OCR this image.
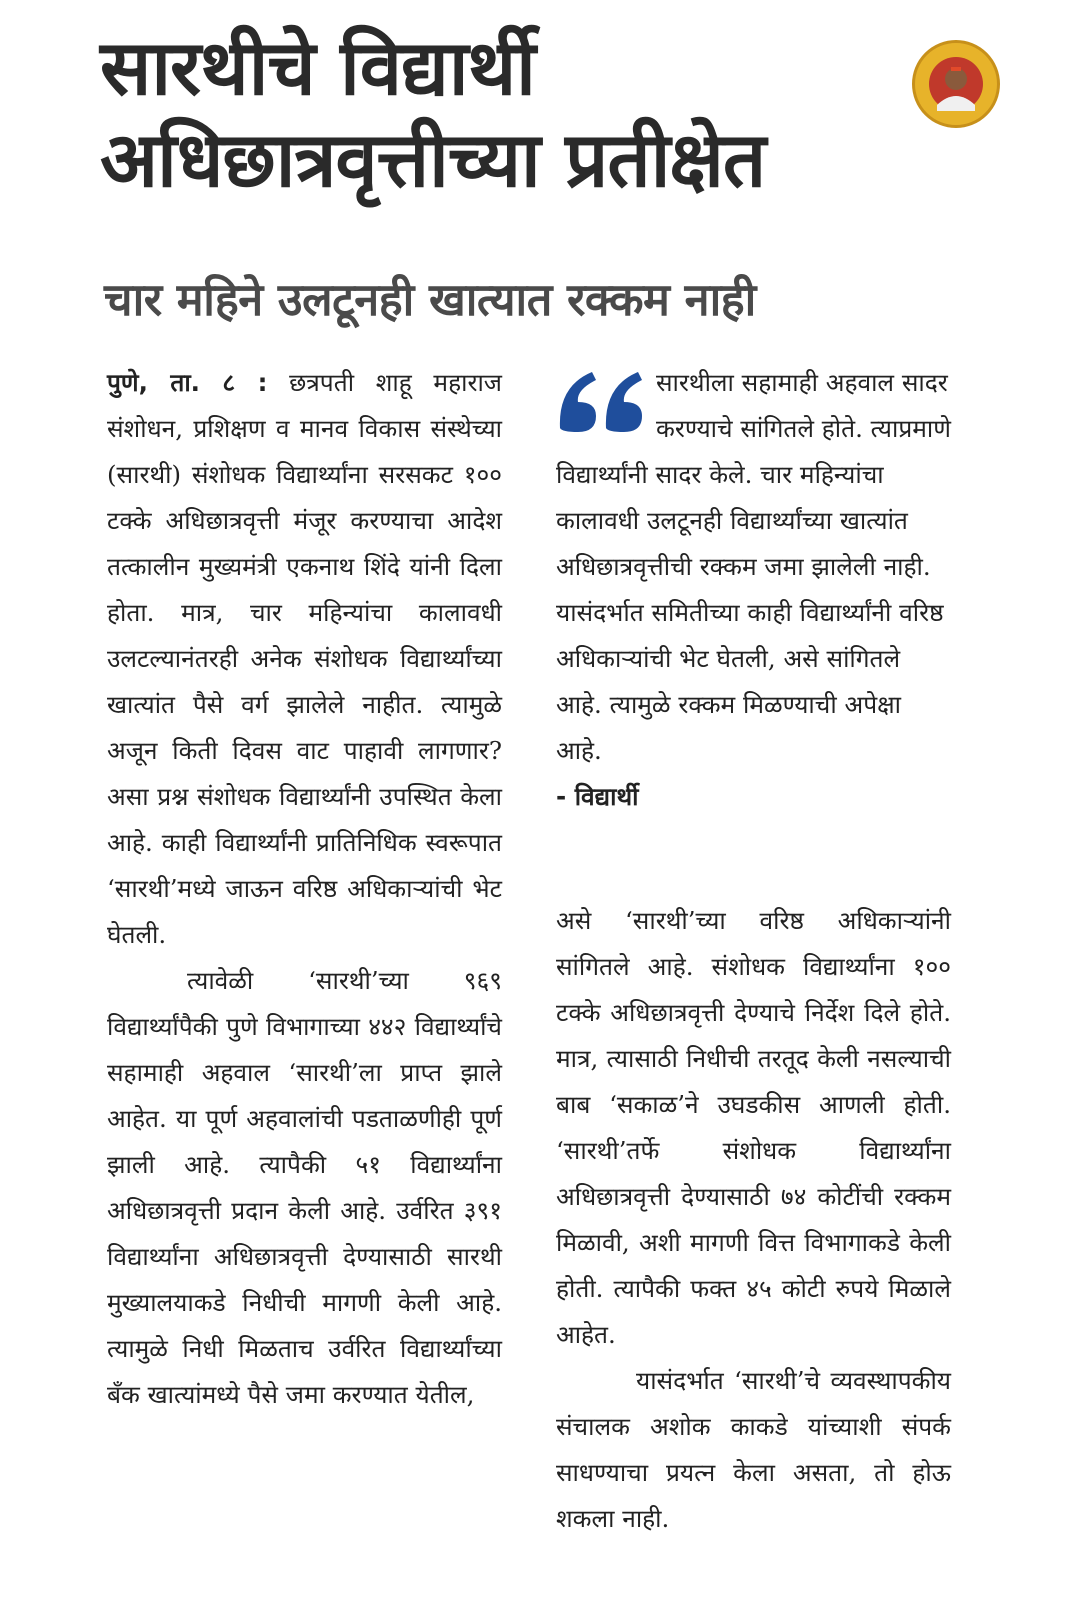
सारथीचे विद्यार्थी
अधिछात्रवृत्तीच्या प्रतीक्षेत
चार महिने उलटूनही खात्यात रक्कम नाही

पुणे, ता. ८ : छत्रपती शाहू महाराज संशोधन, प्रशिक्षण व मानव विकास संस्थेच्या (सारथी) संशोधक विद्यार्थ्यांना सरसकट १०० टक्के अधिछात्रवृत्ती मंजूर करण्याचा आदेश तत्कालीन मुख्यमंत्री एकनाथ शिंदे यांनी दिला होता. मात्र, चार महिन्यांचा कालावधी उलटल्यानंतरही अनेक संशोधक विद्यार्थ्यांच्या खात्यांत पैसे वर्ग झालेले नाहीत. त्यामुळे अजून किती दिवस वाट पाहावी लागणार? असा प्रश्न संशोधक विद्यार्थ्यांनी उपस्थित केला आहे. काही विद्यार्थ्यांनी प्रातिनिधिक स्वरूपात ‘सारथी’मध्ये जाऊन वरिष्ठ अधिकाऱ्यांची भेट घेतली.

त्यावेळी ‘सारथी’च्या ९६९ विद्यार्थ्यांपैकी पुणे विभागाच्या ४४२ विद्यार्थ्यांचे सहामाही अहवाल ‘सारथी’ला प्राप्त झाले आहेत. या पूर्ण अहवालांची पडताळणीही पूर्ण झाली आहे. त्यापैकी ५१ विद्यार्थ्यांना अधिछात्रवृत्ती प्रदान केली आहे. उर्वरित ३९१ विद्यार्थ्यांना अधिछात्रवृत्ती देण्यासाठी सारथी मुख्यालयाकडे निधीची मागणी केली आहे. त्यामुळे निधी मिळताच उर्वरित विद्यार्थ्यांच्या बँक खात्यांमध्ये पैसे जमा करण्यात येतील,

सारथीला सहामाही अहवाल सादर करण्याचे सांगितले होते. त्याप्रमाणे विद्यार्थ्यांनी सादर केले. चार महिन्यांचा कालावधी उलटूनही विद्यार्थ्यांच्या खात्यांत अधिछात्रवृत्तीची रक्कम जमा झालेली नाही. यासंदर्भात समितीच्या काही विद्यार्थ्यांनी वरिष्ठ अधिकाऱ्यांची भेट घेतली, असे सांगितले आहे. त्यामुळे रक्कम मिळण्याची अपेक्षा आहे.

- विद्यार्थी

असे ‘सारथी’च्या वरिष्ठ अधिकाऱ्यांनी सांगितले आहे. संशोधक विद्यार्थ्यांना १०० टक्के अधिछात्रवृत्ती देण्याचे निर्देश दिले होते. मात्र, त्यासाठी निधीची तरतूद केली नसल्याची बाब ‘सकाळ’ने उघडकीस आणली होती. ‘सारथी’तर्फे संशोधक विद्यार्थ्यांना अधिछात्रवृत्ती देण्यासाठी ७४ कोटींची रक्कम मिळावी, अशी मागणी वित्त विभागाकडे केली होती. त्यापैकी फक्त ४५ कोटी रुपये मिळाले आहेत.

यासंदर्भात ‘सारथी’चे व्यवस्थापकीय संचालक अशोक काकडे यांच्याशी संपर्क साधण्याचा प्रयत्न केला असता, तो होऊ शकला नाही.
